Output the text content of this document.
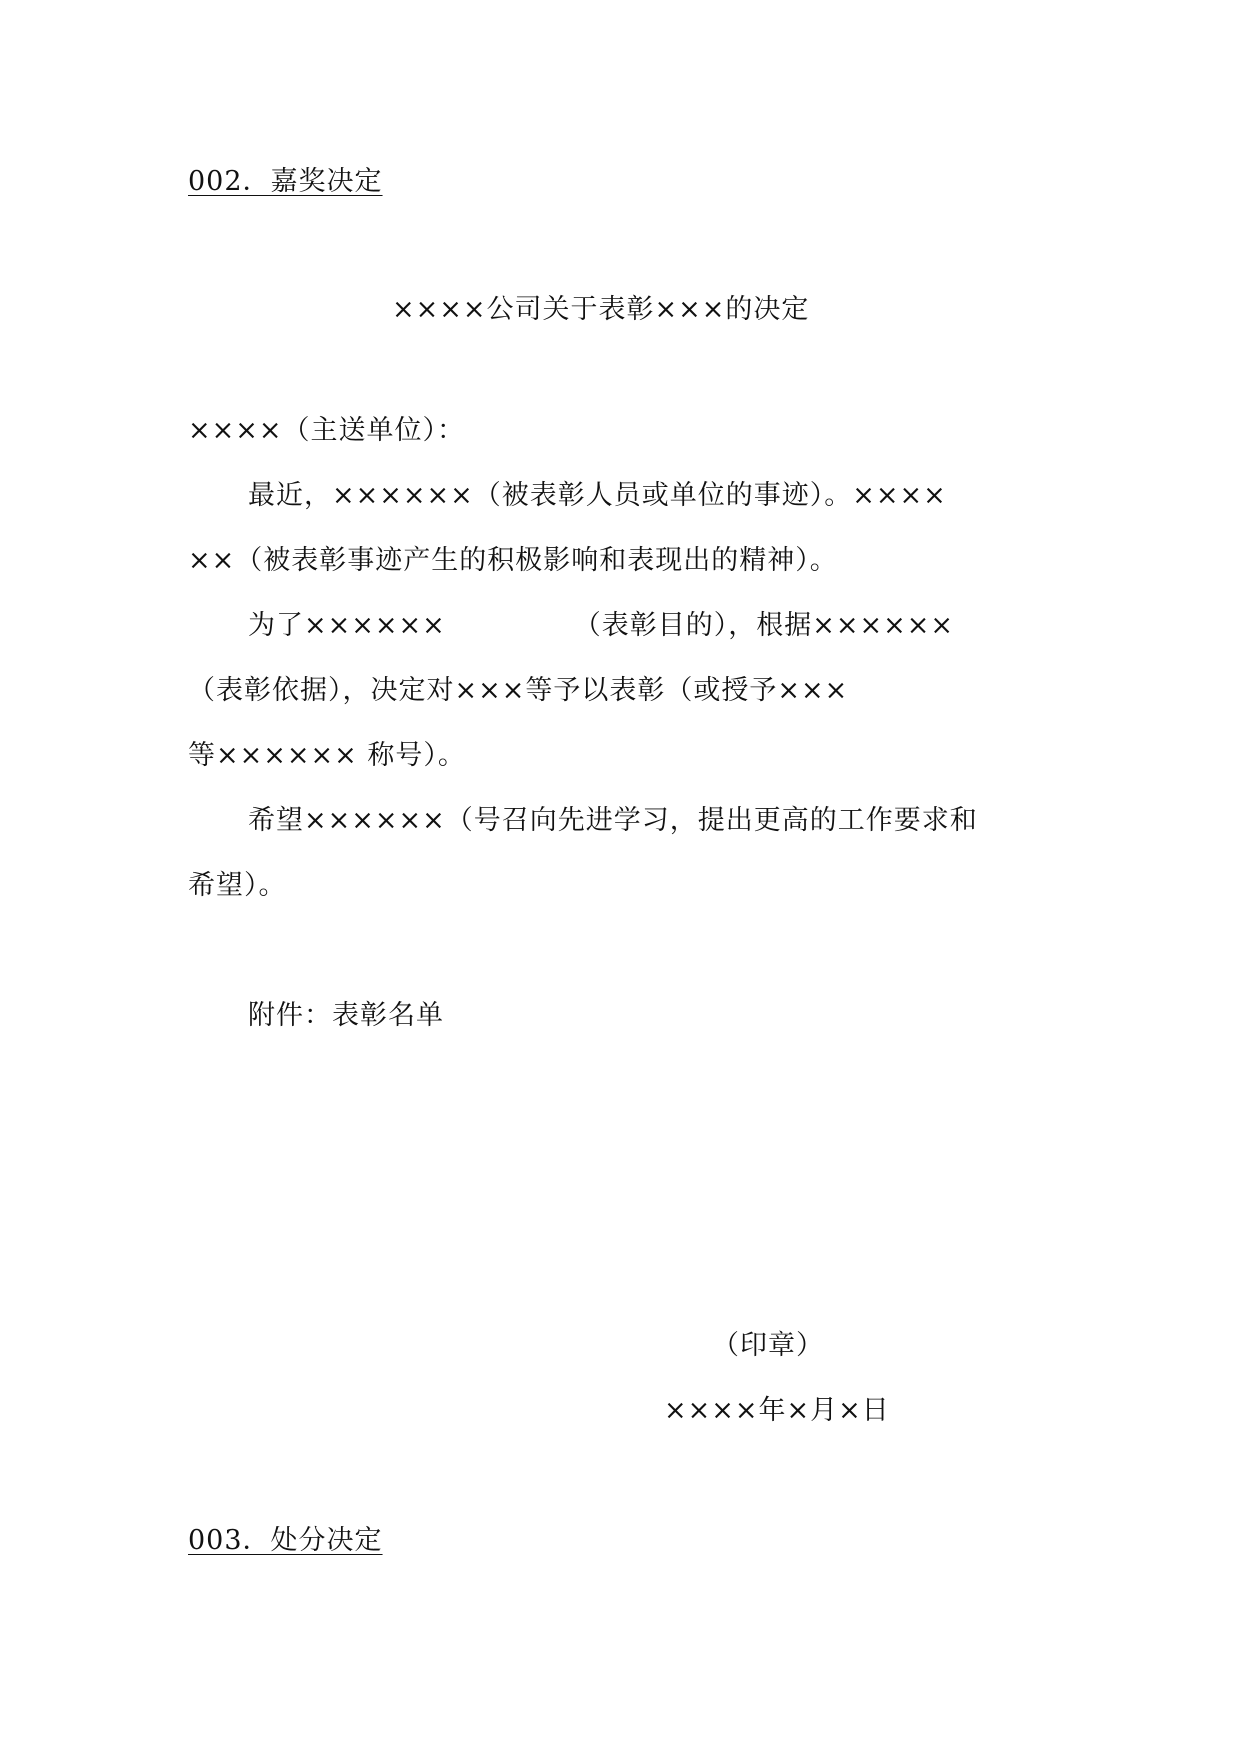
002．嘉奖决定
××××公司关于表彰×××的决定
××××（主送单位）：
最近，××××××（被表彰人员或单位的事迹）。××××
××（被表彰事迹产生的积极影响和表现出的精神）。
为了××××××	（表彰目的），根据××××××
（表彰依据），决定对×××等予以表彰（或授予×××
等×××××× 称号）。
希望××××××（号召向先进学习，提出更高的工作要求和
希望）。
附件：表彰名单
（印章）
××××年×月×日
003．处分决定
